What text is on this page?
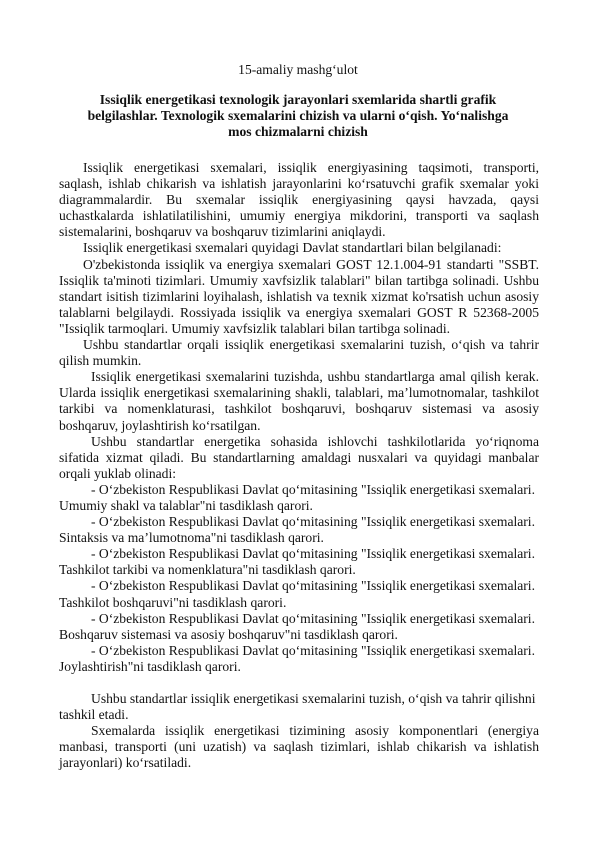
15-amaliy mashg‘ulot
Issiqlik energetikasi texnologik jarayonlari sxemlarida shartli grafik
belgilashlar. Texnologik sxemalarini chizish va ularni o‘qish. Yo‘nalishga
mos chizmalarni chizish

Issiqlik energetikasi sxemalari, issiqlik energiyasining taqsimoti, transporti, saqlash, ishlab chikarish va ishlatish jarayonlarini ko‘rsatuvchi grafik sxemalar yoki diagrammalardir. Bu sxemalar issiqlik energiyasining qaysi havzada, qaysi uchastkalarda ishlatilatilishini, umumiy energiya mikdorini, transporti va saqlash sistemalarini, boshqaruv va boshqaruv tizimlarini aniqlaydi.

Issiqlik energetikasi sxemalari quyidagi Davlat standartlari bilan belgilanadi:

O'zbekistonda issiqlik va energiya sxemalari GOST 12.1.004-91 standarti "SSBT. Issiqlik ta'minoti tizimlari. Umumiy xavfsizlik talablari" bilan tartibga solinadi. Ushbu standart isitish tizimlarini loyihalash, ishlatish va texnik xizmat ko'rsatish uchun asosiy talablarni belgilaydi. Rossiyada issiqlik va energiya sxemalari GOST R 52368-2005 "Issiqlik tarmoqlari. Umumiy xavfsizlik talablari bilan tartibga solinadi.

Ushbu standartlar orqali issiqlik energetikasi sxemalarini tuzish, o‘qish va tahrir qilish mumkin.

Issiqlik energetikasi sxemalarini tuzishda, ushbu standartlarga amal qilish kerak. Ularda issiqlik energetikasi sxemalarining shakli, talablari, ma’lumotnomalar, tashkilot tarkibi va nomenklaturasi, tashkilot boshqaruvi, boshqaruv sistemasi va asosiy boshqaruv, joylashtirish ko‘rsatilgan.

Ushbu standartlar energetika sohasida ishlovchi tashkilotlarida yo‘riqnoma sifatida xizmat qiladi. Bu standartlarning amaldagi nusxalari va quyidagi manbalar orqali yuklab olinadi:

- O‘zbekiston Respublikasi Davlat qo‘mitasining "Issiqlik energetikasi sxemalari. Umumiy shakl va talablar"ni tasdiklash qarori.

- O‘zbekiston Respublikasi Davlat qo‘mitasining "Issiqlik energetikasi sxemalari. Sintaksis va ma’lumotnoma"ni tasdiklash qarori.

- O‘zbekiston Respublikasi Davlat qo‘mitasining "Issiqlik energetikasi sxemalari. Tashkilot tarkibi va nomenklatura"ni tasdiklash qarori.

- O‘zbekiston Respublikasi Davlat qo‘mitasining "Issiqlik energetikasi sxemalari. Tashkilot boshqaruvi"ni tasdiklash qarori.

- O‘zbekiston Respublikasi Davlat qo‘mitasining "Issiqlik energetikasi sxemalari. Boshqaruv sistemasi va asosiy boshqaruv"ni tasdiklash qarori.

- O‘zbekiston Respublikasi Davlat qo‘mitasining "Issiqlik energetikasi sxemalari. Joylashtirish"ni tasdiklash qarori.

Ushbu standartlar issiqlik energetikasi sxemalarini tuzish, o‘qish va tahrir qilishni tashkil etadi.

Sxemalarda issiqlik energetikasi tizimining asosiy komponentlari (energiya manbasi, transporti (uni uzatish) va saqlash tizimlari, ishlab chikarish va ishlatish jarayonlari) ko‘rsatiladi.
